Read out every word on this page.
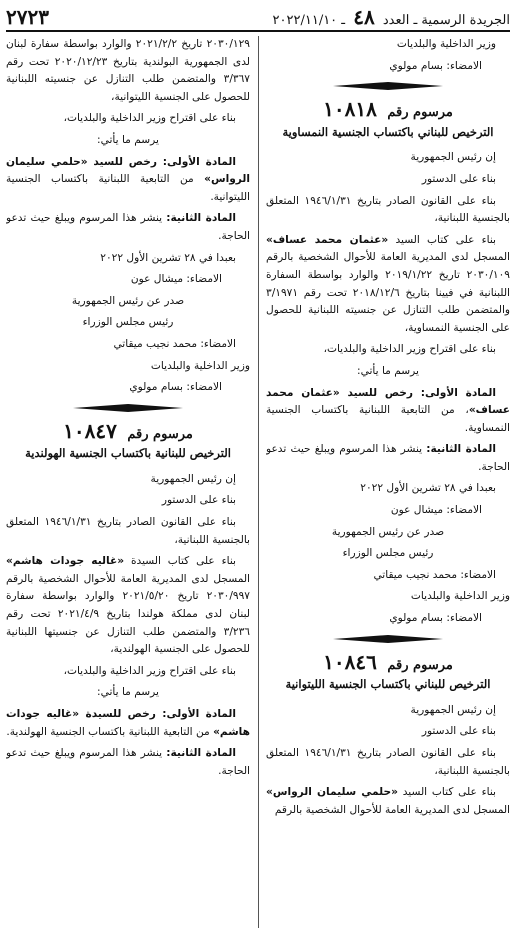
الجريدة الرسمية ـ العدد ٤٨ ـ ٢٠٢٢/١١/١٠
٢٧٢٣

وزير الداخلية والبلديات

الامضاء: بسام مولوي

مرسوم رقم ١٠٨١٨
الترخيص للبناني باكتساب الجنسية النمساوية

إن رئيس الجمهورية

بناء على الدستور

بناء على القانون الصادر بتاريخ ١٩٤٦/١/٣١ المتعلق بالجنسية اللبنانية،

بناء على كتاب السيد «عثمان محمد عساف» المسجل لدى المديرية العامة للأحوال الشخصية بالرقم ٢٠٣٠/١٠٩ تاريخ ٢٠١٩/١/٢٢ والوارد بواسطة السفارة اللبنانية في فيينا بتاريخ ٢٠١٨/١٢/٦ تحت رقم ٣/١٩٧١ والمتضمن طلب التنازل عن جنسيته اللبنانية للحصول على الجنسية النمساوية،

بناء على اقتراح وزير الداخلية والبلديات،

يرسم ما يأتي:

المادة الأولى: رخص للسيد «عثمان محمد عساف»، من التابعية اللبنانية باكتساب الجنسية النمساوية.

المادة الثانية: ينشر هذا المرسوم ويبلغ حيث تدعو الحاجة.

بعبدا في ٢٨ تشرين الأول ٢٠٢٢

الامضاء: ميشال عون

صدر عن رئيس الجمهورية

رئيس مجلس الوزراء

الامضاء: محمد نجيب ميقاتي

وزير الداخلية والبلديات

الامضاء: بسام مولوي

مرسوم رقم ١٠٨٤٦
الترخيص للبناني باكتساب الجنسية الليتوانية

إن رئيس الجمهورية

بناء على الدستور

بناء على القانون الصادر بتاريخ ١٩٤٦/١/٣١ المتعلق بالجنسية اللبنانية،

بناء على كتاب السيد «حلمي سليمان الرواس» المسجل لدى المديرية العامة للأحوال الشخصية بالرقم

٢٠٣٠/١٢٩ تاريخ ٢٠٢١/٢/٢ والوارد بواسطة سفارة لبنان لدى الجمهورية البولندية بتاريخ ٢٠٢٠/١٢/٢٣ تحت رقم ٣/٣٦٧ والمتضمن طلب التنازل عن جنسيته اللبنانية للحصول على الجنسية الليتوانية،

بناء على اقتراح وزير الداخلية والبلديات،

يرسم ما يأتي:

المادة الأولى: رخص للسيد «حلمي سليمان الرواس» من التابعية اللبنانية باكتساب الجنسية الليتوانية.

المادة الثانية: ينشر هذا المرسوم ويبلغ حيث تدعو الحاجة.

بعبدا في ٢٨ تشرين الأول ٢٠٢٢

الامضاء: ميشال عون

صدر عن رئيس الجمهورية

رئيس مجلس الوزراء

الامضاء: محمد نجيب ميقاتي

وزير الداخلية والبلديات

الامضاء: بسام مولوي

مرسوم رقم ١٠٨٤٧
الترخيص للبنانية باكتساب الجنسية الهولندية

إن رئيس الجمهورية

بناء على الدستور

بناء على القانون الصادر بتاريخ ١٩٤٦/١/٣١ المتعلق بالجنسية اللبنانية،

بناء على كتاب السيدة «غاليه جودات هاشم» المسجل لدى المديرية العامة للأحوال الشخصية بالرقم ٢٠٣٠/٩٩٧ تاريخ ٢٠٢١/٥/٢٠ والوارد بواسطة سفارة لبنان لدى مملكة هولندا بتاريخ ٢٠٢١/٤/٩ تحت رقم ٣/٢٣٦ والمتضمن طلب التنازل عن جنسيتها اللبنانية للحصول على الجنسية الهولندية،

بناء على اقتراح وزير الداخلية والبلديات،

يرسم ما يأتي:

المادة الأولى: رخص للسيدة «غاليه جودات هاشم» من التابعية اللبنانية باكتساب الجنسية الهولندية.

المادة الثانية: ينشر هذا المرسوم ويبلغ حيث تدعو الحاجة.
